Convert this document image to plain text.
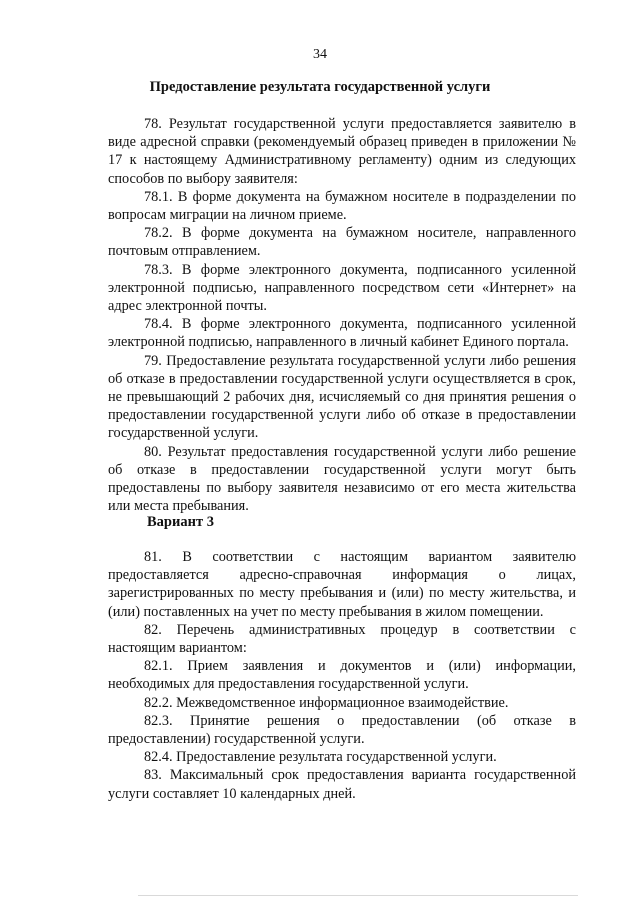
34
Предоставление результата государственной услуги

78. Результат государственной услуги предоставляется заявителю в виде адресной справки (рекомендуемый образец приведен в приложении № 17 к настоящему Административному регламенту) одним из следующих способов по выбору заявителя:

78.1. В форме документа на бумажном носителе в подразделении по вопросам миграции на личном приеме.

78.2. В форме документа на бумажном носителе, направленного почтовым отправлением.

78.3. В форме электронного документа, подписанного усиленной электронной подписью, направленного посредством сети «Интернет» на адрес электронной почты.

78.4. В форме электронного документа, подписанного усиленной электронной подписью, направленного в личный кабинет Единого портала.

79. Предоставление результата государственной услуги либо решения об отказе в предоставлении государственной услуги осуществляется в срок, не превышающий 2 рабочих дня, исчисляемый со дня принятия решения о предоставлении государственной услуги либо об отказе в предоставлении государственной услуги.

80. Результат предоставления государственной услуги либо решение об отказе в предоставлении государственной услуги могут быть предоставлены по выбору заявителя независимо от его места жительства или места пребывания.

Вариант 3

81. В соответствии с настоящим вариантом заявителю предоставляется адресно-справочная информация о лицах, зарегистрированных по месту пребывания и (или) по месту жительства, и (или) поставленных на учет по месту пребывания в жилом помещении.

82. Перечень административных процедур в соответствии с настоящим вариантом:

82.1. Прием заявления и документов и (или) информации, необходимых для предоставления государственной услуги.

82.2. Межведомственное информационное взаимодействие.

82.3. Принятие решения о предоставлении (об отказе в предоставлении) государственной услуги.

82.4. Предоставление результата государственной услуги.

83. Максимальный срок предоставления варианта государственной услуги составляет 10 календарных дней.
